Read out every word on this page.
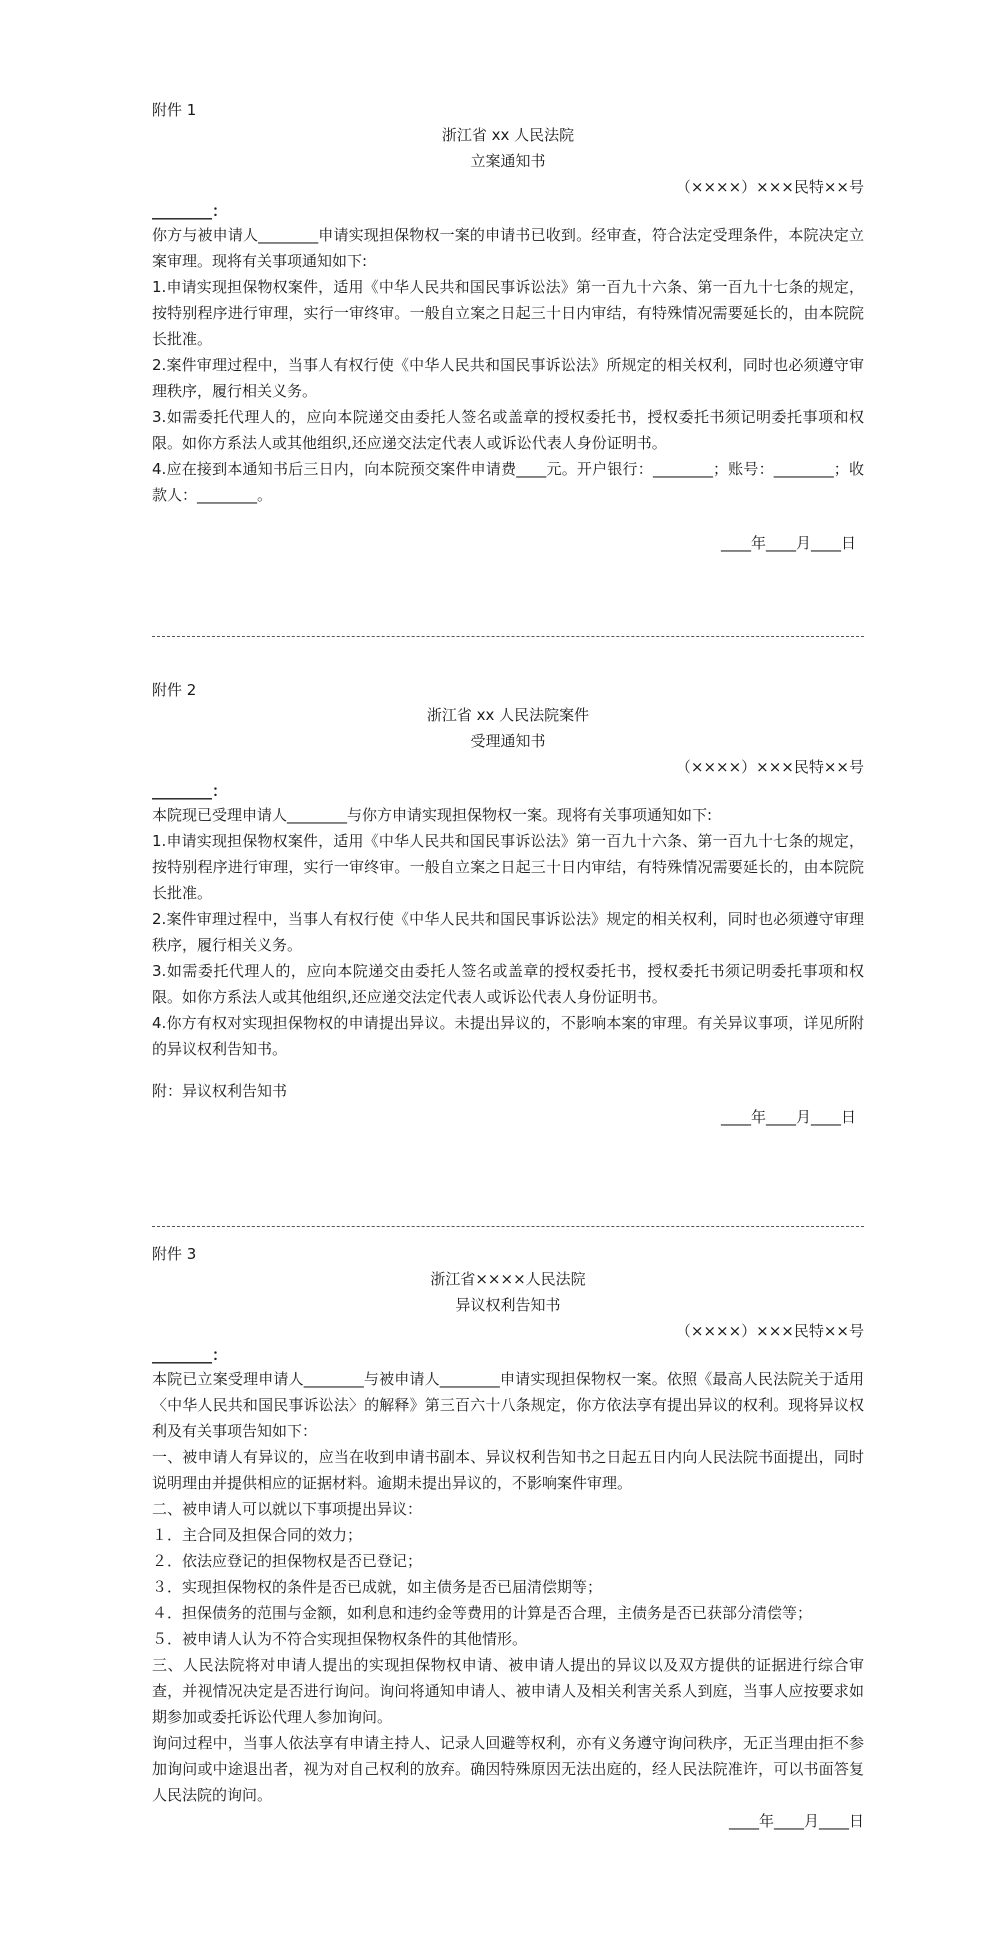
附件 1

浙江省 xx 人民法院

立案通知书

（××××）×××民特××号

________：

你方与被申请人________申请实现担保物权一案的申请书已收到。经审查，符合法定受理条件，本院决定立案审理。现将有关事项通知如下:

1.申请实现担保物权案件，适用《中华人民共和国民事诉讼法》第一百九十六条、第一百九十七条的规定，按特别程序进行审理，实行一审终审。一般自立案之日起三十日内审结，有特殊情况需要延长的，由本院院长批准。

2.案件审理过程中，当事人有权行使《中华人民共和国民事诉讼法》所规定的相关权利，同时也必须遵守审理秩序，履行相关义务。

3.如需委托代理人的，应向本院递交由委托人签名或盖章的授权委托书，授权委托书须记明委托事项和权限。如你方系法人或其他组织,还应递交法定代表人或诉讼代表人身份证明书。

4.应在接到本通知书后三日内，向本院预交案件申请费____元。开户银行：________；账号：________；收款人：________。

____年____月____日

附件 2

浙江省 xx 人民法院案件

受理通知书

（××××）×××民特××号

________：

本院现已受理申请人________与你方申请实现担保物权一案。现将有关事项通知如下:

1.申请实现担保物权案件，适用《中华人民共和国民事诉讼法》第一百九十六条、第一百九十七条的规定，按特别程序进行审理，实行一审终审。一般自立案之日起三十日内审结，有特殊情况需要延长的，由本院院长批准。

2.案件审理过程中，当事人有权行使《中华人民共和国民事诉讼法》规定的相关权利，同时也必须遵守审理秩序，履行相关义务。

3.如需委托代理人的，应向本院递交由委托人签名或盖章的授权委托书，授权委托书须记明委托事项和权限。如你方系法人或其他组织,还应递交法定代表人或诉讼代表人身份证明书。

4.你方有权对实现担保物权的申请提出异议。未提出异议的，不影响本案的审理。有关异议事项，详见所附的异议权利告知书。

附：异议权利告知书

____年____月____日

附件 3

浙江省××××人民法院

异议权利告知书

（××××）×××民特××号

________：

本院已立案受理申请人________与被申请人________申请实现担保物权一案。依照《最高人民法院关于适用〈中华人民共和国民事诉讼法〉的解释》第三百六十八条规定，你方依法享有提出异议的权利。现将异议权利及有关事项告知如下：

一、被申请人有异议的，应当在收到申请书副本、异议权利告知书之日起五日内向人民法院书面提出，同时说明理由并提供相应的证据材料。逾期未提出异议的，不影响案件审理。

二、被申请人可以就以下事项提出异议：

１．主合同及担保合同的效力；

２．依法应登记的担保物权是否已登记；

３．实现担保物权的条件是否已成就，如主债务是否已届清偿期等；

４．担保债务的范围与金额，如利息和违约金等费用的计算是否合理，主债务是否已获部分清偿等；

５．被申请人认为不符合实现担保物权条件的其他情形。

三、人民法院将对申请人提出的实现担保物权申请、被申请人提出的异议以及双方提供的证据进行综合审查，并视情况决定是否进行询问。询问将通知申请人、被申请人及相关利害关系人到庭，当事人应按要求如期参加或委托诉讼代理人参加询问。

询问过程中，当事人依法享有申请主持人、记录人回避等权利，亦有义务遵守询问秩序，无正当理由拒不参加询问或中途退出者，视为对自己权利的放弃。确因特殊原因无法出庭的，经人民法院准许，可以书面答复人民法院的询问。

____年____月____日
